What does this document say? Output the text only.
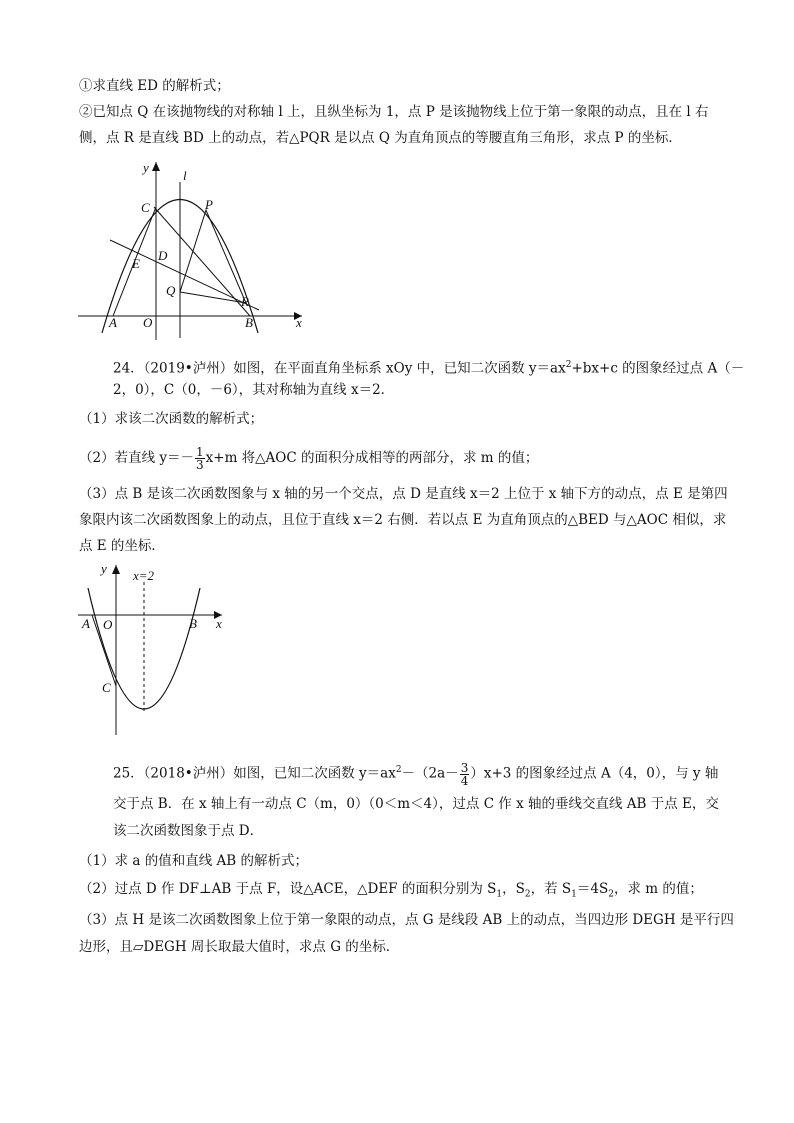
①求直线 ED 的解析式；
②已知点 Q 在该抛物线的对称轴 l 上，且纵坐标为 1，点 P 是该抛物线上位于第一象限的动点，且在 l 右
侧，点 R 是直线 BD 上的动点，若△PQR 是以点 Q 为直角顶点的等腰直角三角形，求点 P 的坐标．
y
l
C	P
D
E
Q
R
A O	B	x
24．（2019•泸州）如图，在平面直角坐标系 xOy 中，已知二次函数 $y=ax^2+bx+c$ 的图象经过点 A（－
2，0），C（0，－6），其对称轴为直线 x＝2．
（1）求该二次函数的解析式；
（2）若直线 $y=- \frac{1}{3} x+m$ 将△AOC 的面积分成相等的两部分，求 m 的值；
（3）点 B 是该二次函数图象与 x 轴的另一个交点，点 D 是直线 x＝2 上位于 x 轴下方的动点，点 E 是第四
象限内该二次函数图象上的动点，且位于直线 x＝2 右侧．若以点 E 为直角顶点的△BED 与△AOC 相似，求
点 E 的坐标．
y x=2
A O	B x
C
25．（2018•泸州）如图，已知二次函数 $y=ax^2-(2a- \frac{3}{4} )x+3$ 的图象经过点 A（4，0），与 y 轴
交于点 B．在 x 轴上有一动点 C（m，0）（0＜m＜4），过点 C 作 x 轴的垂线交直线 AB 于点 E，交
该二次函数图象于点 D．
（1）求 a 的值和直线 AB 的解析式；
（2）过点 D 作 DF⊥AB 于点 F，设△ACE，△DEF 的面积分别为 $S_1$，$S_2$，若 $S_1=4S_2$，求 m 的值；
（3）点 H 是该二次函数图象上位于第一象限的动点，点 G 是线段 AB 上的动点，当四边形 DEGH 是平行四
边形，且▱DEGH 周长取最大值时，求点 G 的坐标．
